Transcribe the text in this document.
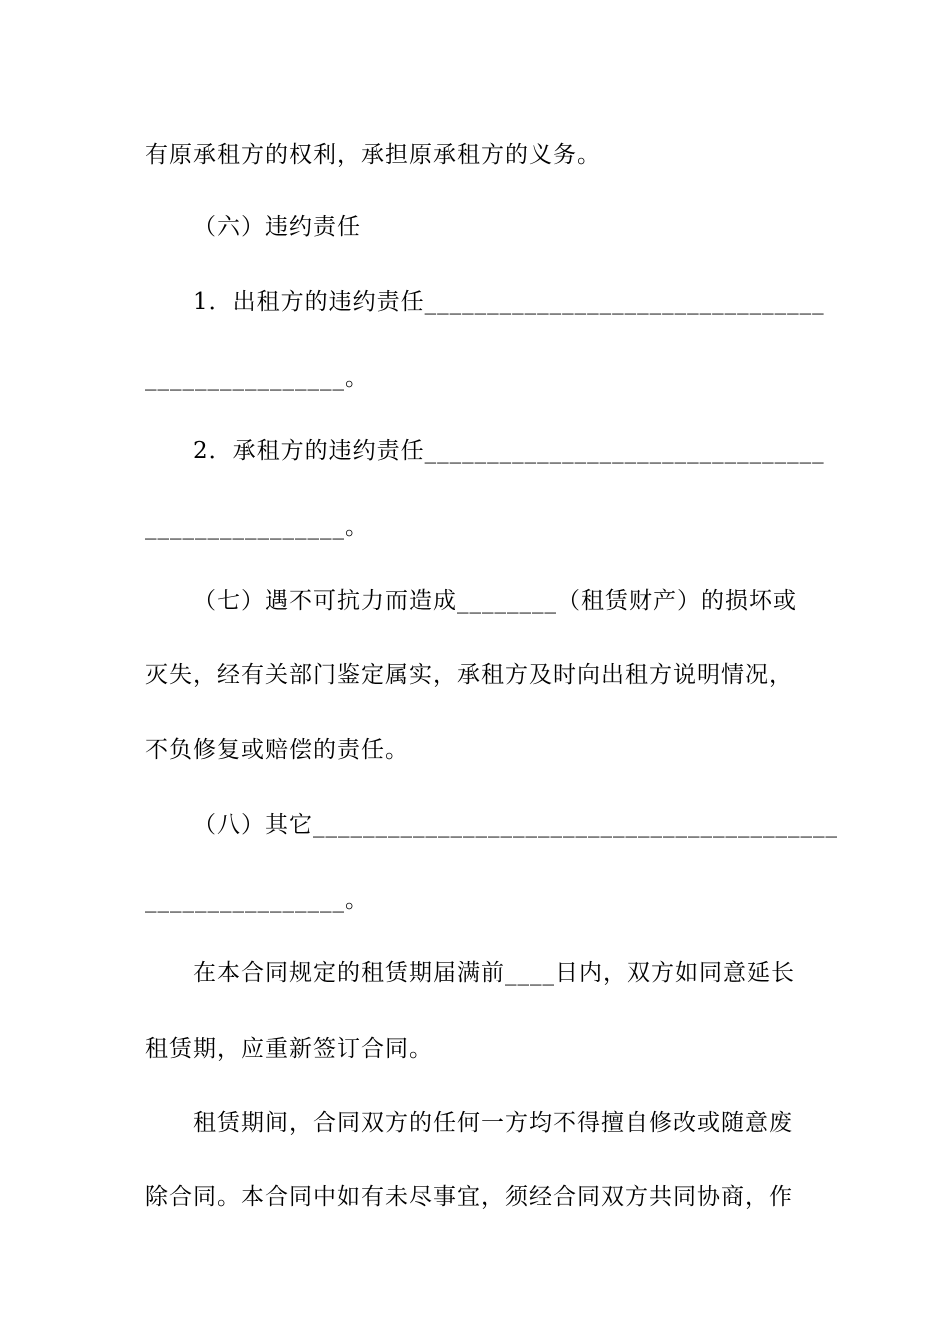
有原承租方的权利，承担原承租方的义务。
（六）违约责任
1．出租方的违约责任________________________________
________________。
2．承租方的违约责任________________________________
________________。
（七）遇不可抗力而造成________（租赁财产）的损坏或
灭失，经有关部门鉴定属实，承租方及时向出租方说明情况，
不负修复或赔偿的责任。
（八）其它__________________________________________
________________。
在本合同规定的租赁期届满前____日内，双方如同意延长
租赁期，应重新签订合同。
租赁期间，合同双方的任何一方均不得擅自修改或随意废
除合同。本合同中如有未尽事宜，须经合同双方共同协商，作
